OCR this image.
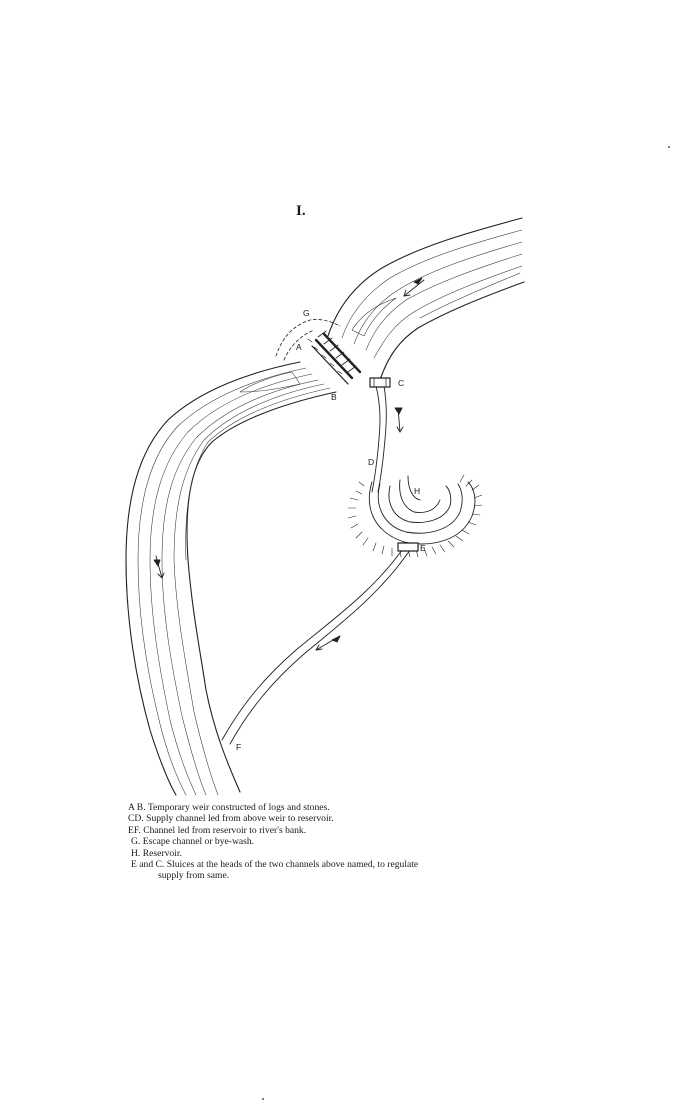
I.
G
A
B
C
D
H
E
F
A B. Temporary weir constructed of logs and stones.
CD. Supply channel led from above weir to reservoir.
EF. Channel led from reservoir to river's bank.
G. Escape channel or bye-wash.
H. Reservoir.
E and C. Sluices at the heads of the two channels above named, to regulate
supply from same.
